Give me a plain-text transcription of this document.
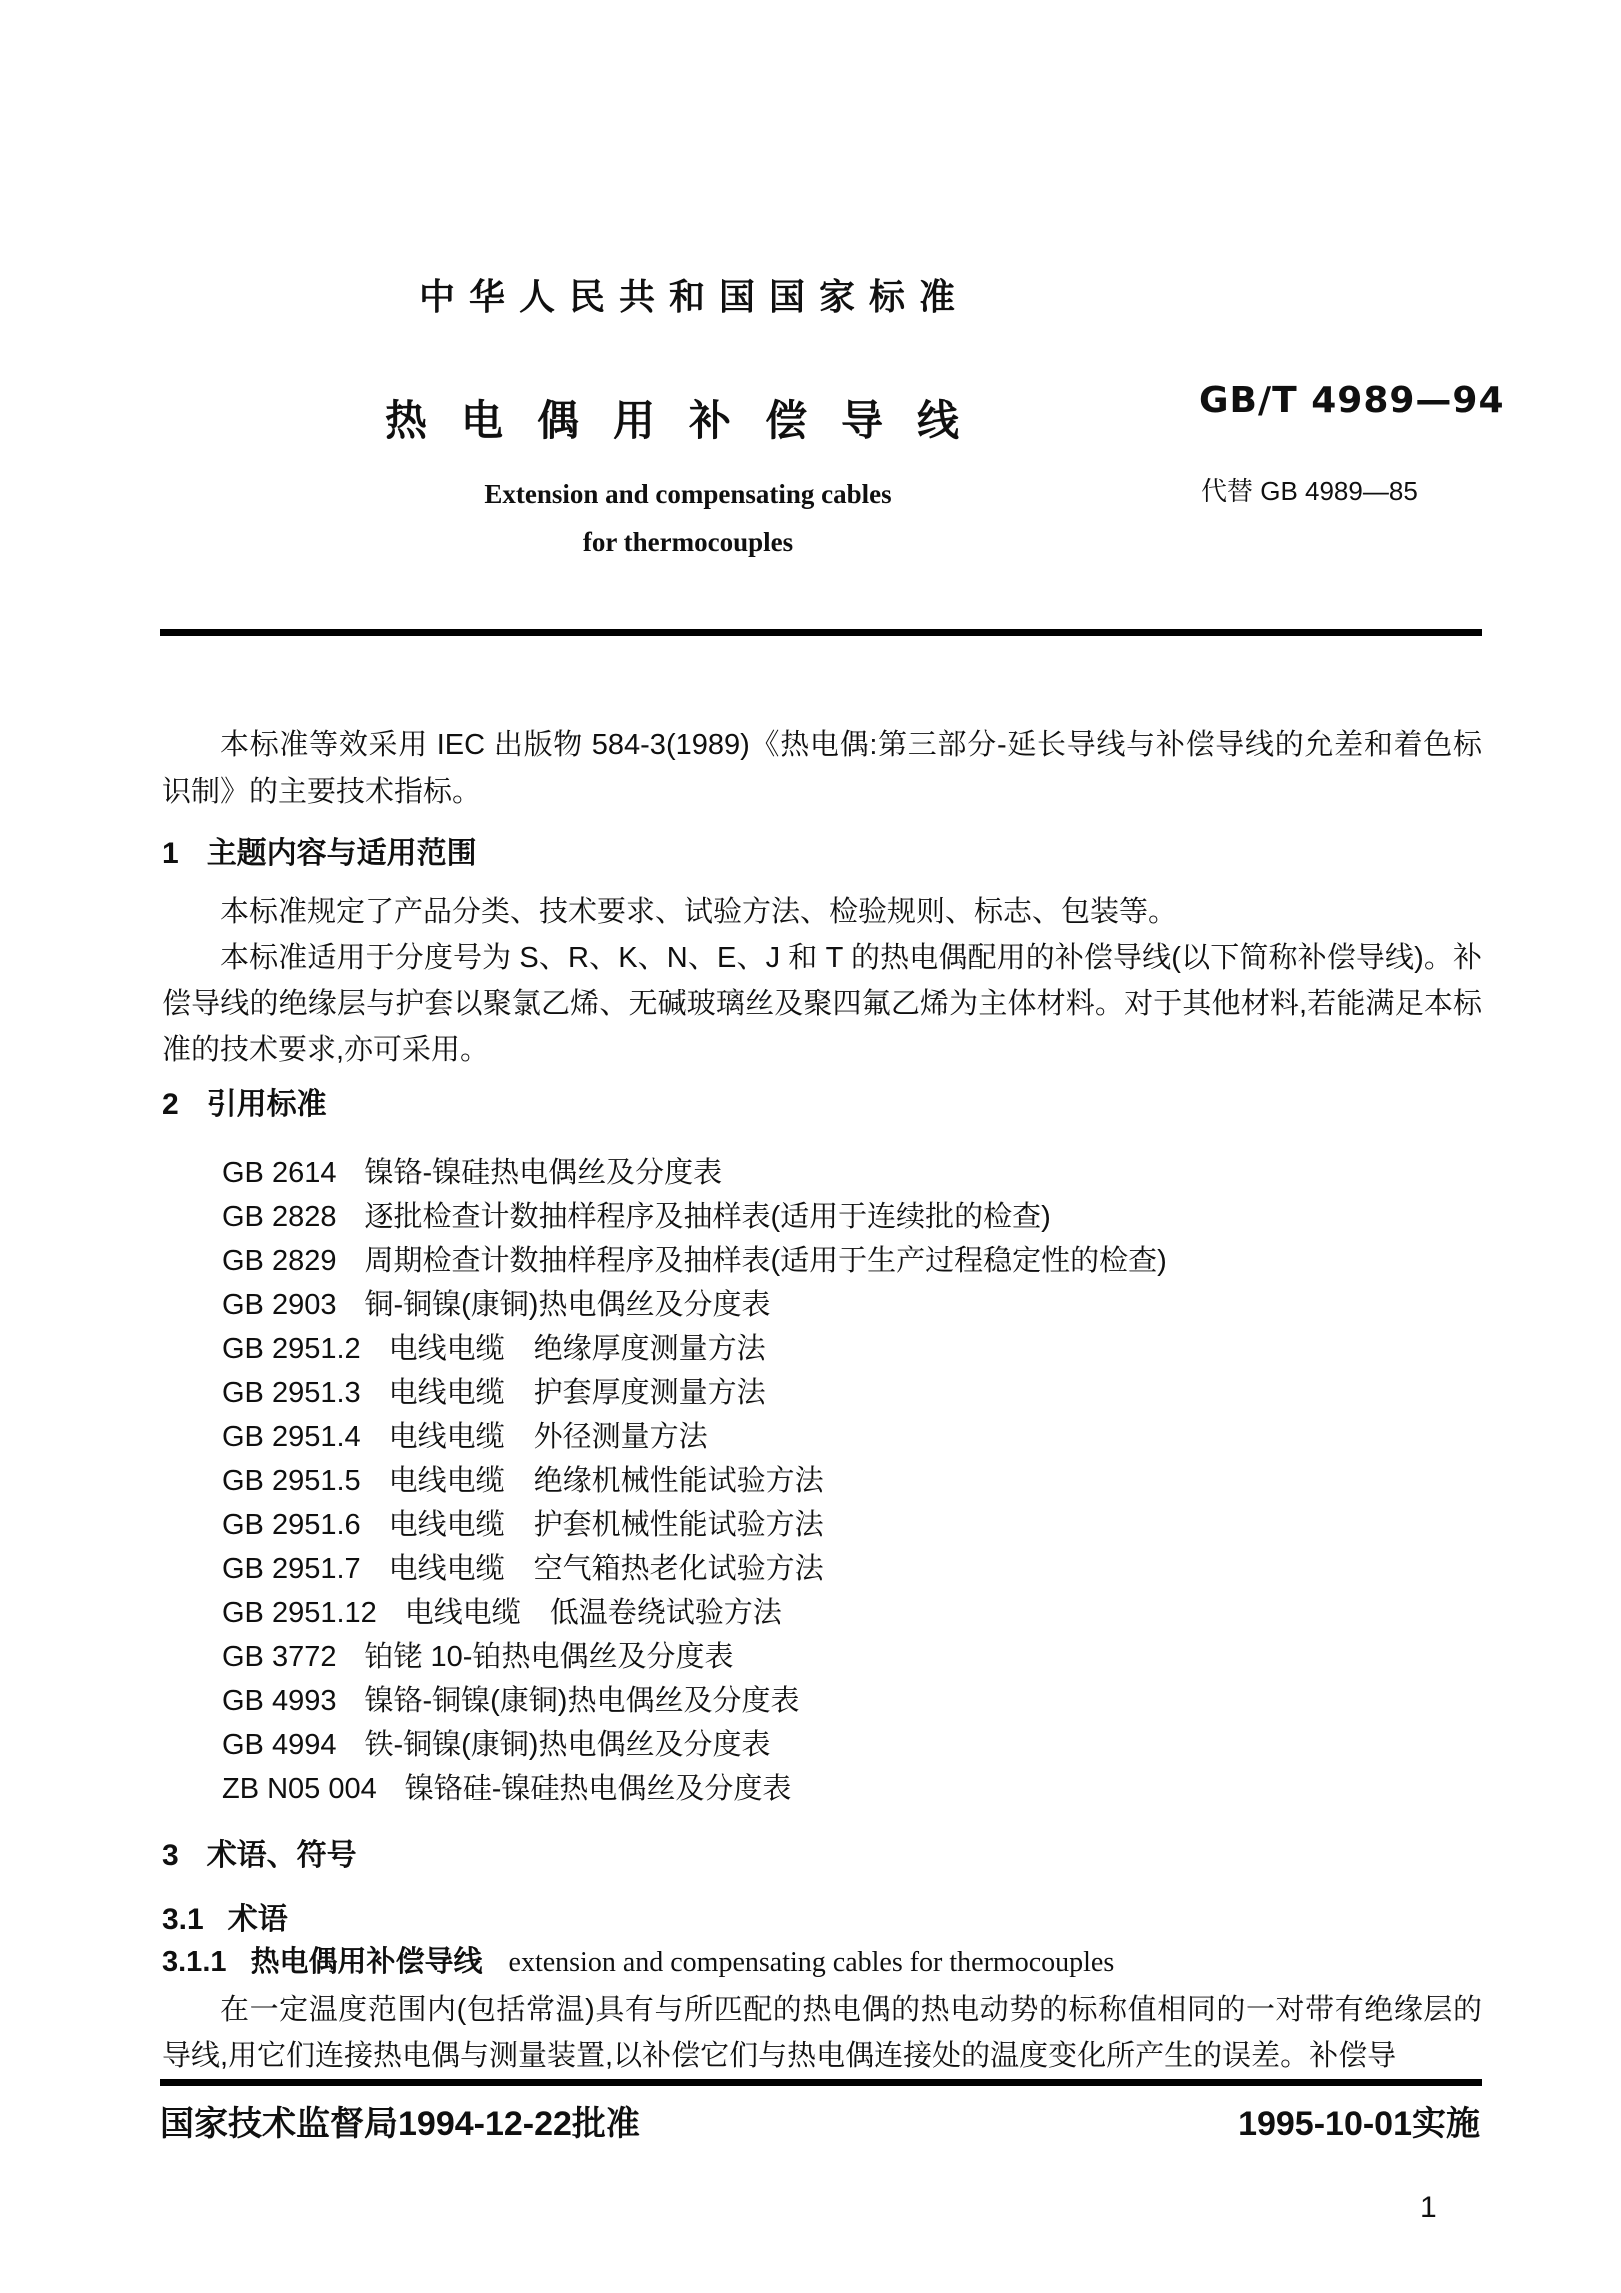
中华人民共和国国家标准
GB/T 4989—94
热电偶用补偿导线
代替 GB 4989—85
Extension and compensating cables
for thermocouples
本标准等效采用 IEC 出版物 584-3(1989)《热电偶:第三部分-延长导线与补偿导线的允差和着色标识制》的主要技术指标。
1 主题内容与适用范围
本标准规定了产品分类、技术要求、试验方法、检验规则、标志、包装等。
本标准适用于分度号为 S、R、K、N、E、J 和 T 的热电偶配用的补偿导线(以下简称补偿导线)。补偿导线的绝缘层与护套以聚氯乙烯、无碱玻璃丝及聚四氟乙烯为主体材料。对于其他材料,若能满足本标准的技术要求,亦可采用。
2 引用标准
GB 2614 镍铬-镍硅热电偶丝及分度表
GB 2828 逐批检查计数抽样程序及抽样表(适用于连续批的检查)
GB 2829 周期检查计数抽样程序及抽样表(适用于生产过程稳定性的检查)
GB 2903 铜-铜镍(康铜)热电偶丝及分度表
GB 2951.2 电线电缆　绝缘厚度测量方法
GB 2951.3 电线电缆　护套厚度测量方法
GB 2951.4 电线电缆　外径测量方法
GB 2951.5 电线电缆　绝缘机械性能试验方法
GB 2951.6 电线电缆　护套机械性能试验方法
GB 2951.7 电线电缆　空气箱热老化试验方法
GB 2951.12 电线电缆　低温卷绕试验方法
GB 3772 铂铑 10-铂热电偶丝及分度表
GB 4993 镍铬-铜镍(康铜)热电偶丝及分度表
GB 4994 铁-铜镍(康铜)热电偶丝及分度表
ZB N05 004 镍铬硅-镍硅热电偶丝及分度表
3 术语、符号
3.1 术语
3.1.1 热电偶用补偿导线 extension and compensating cables for thermocouples
在一定温度范围内(包括常温)具有与所匹配的热电偶的热电动势的标称值相同的一对带有绝缘层的导线,用它们连接热电偶与测量装置,以补偿它们与热电偶连接处的温度变化所产生的误差。补偿导
国家技术监督局1994-12-22批准	1995-10-01实施
1
